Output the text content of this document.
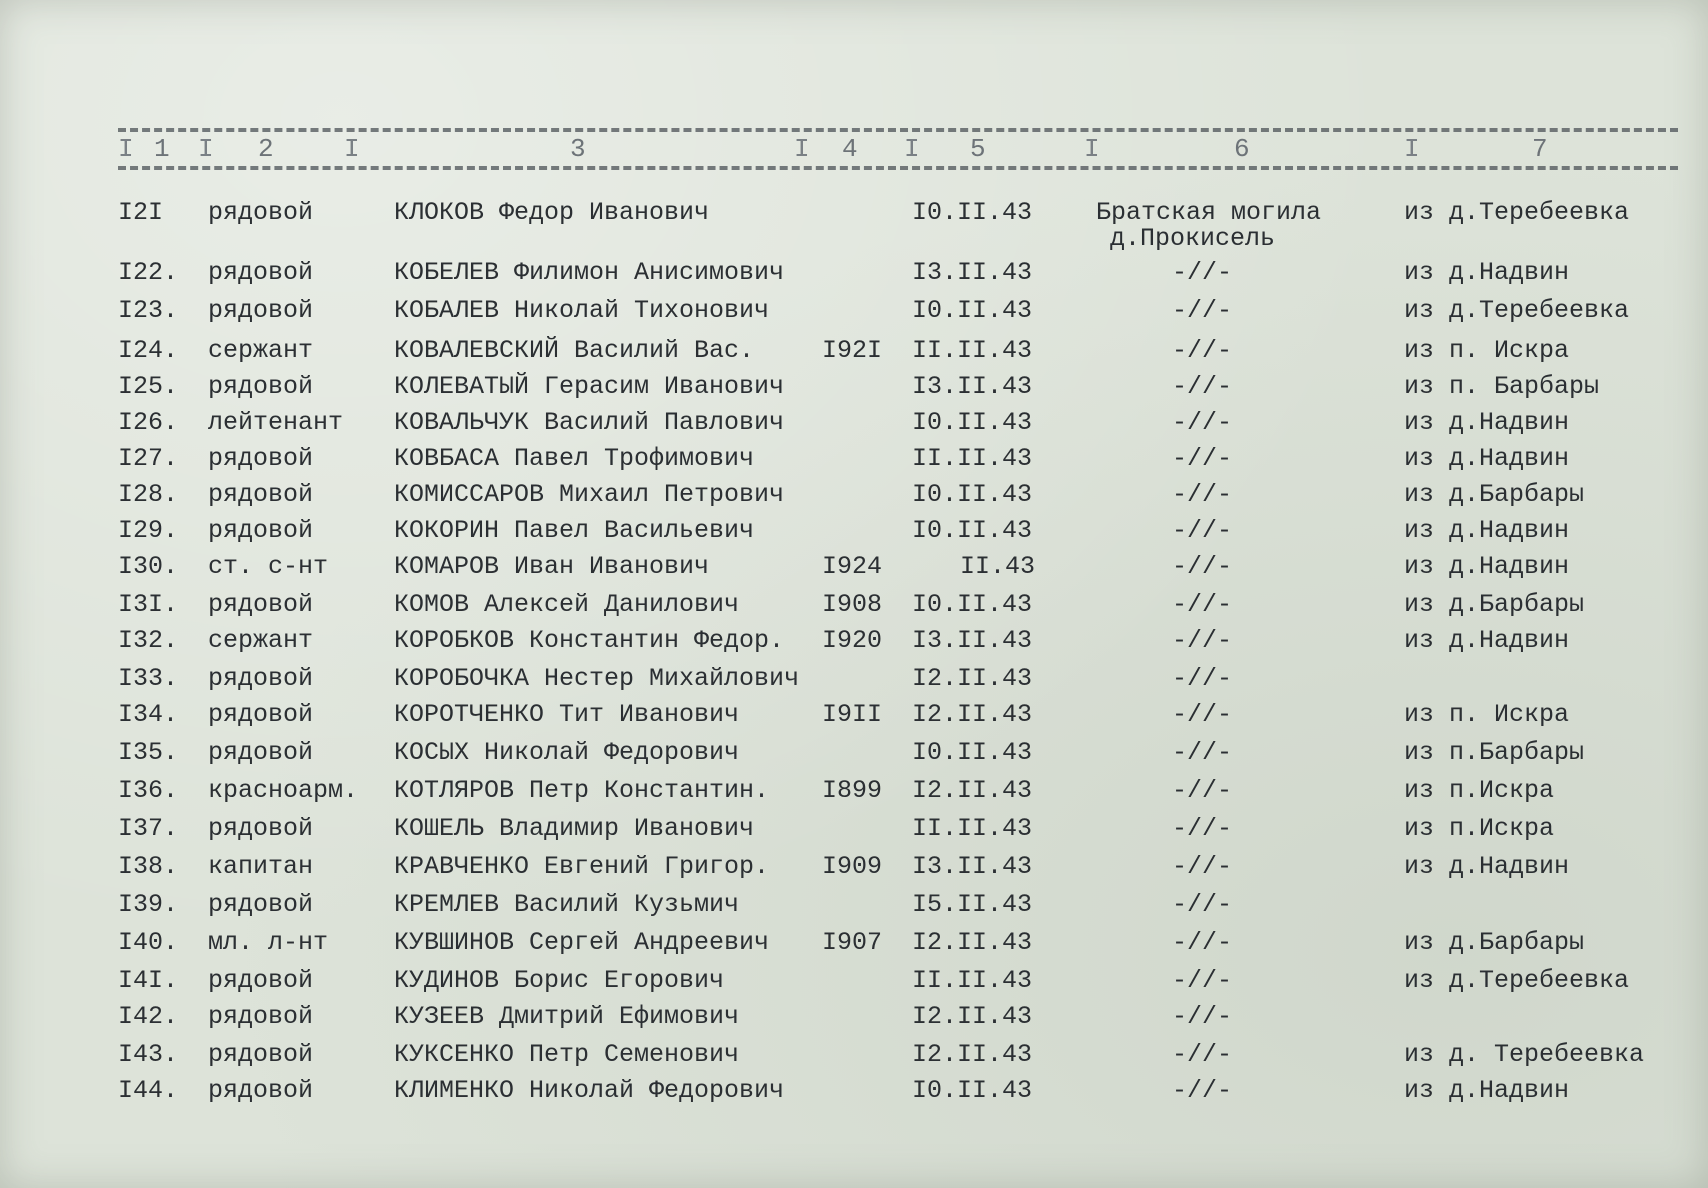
I 1 I 2	I	3	I 4 I 5	I	6	I	7
I2I рядовой	КЛОКОВ Федор Иванович	I0.II.43	Братская могила	из д.Теребеевка
д.Прокисель
I22. рядовой	КОБЕЛЕВ Филимон Анисимович	I3.II.43	-//-	из д.Надвин
I23. рядовой	КОБАЛЕВ Николай Тихонович	I0.II.43	-//-	из д.Теребеевка
I24. сержант	КОВАЛЕВСКИЙ Василий Вас.	I92I II.II.43	-//-	из п. Искра
I25. рядовой	КОЛЕВАТЫЙ Герасим Иванович	I3.II.43	-//-	из п. Барбары
I26. лейтенант КОВАЛЬЧУК Василий Павлович	I0.II.43	-//-	из д.Надвин
I27. рядовой	КОВБАСА Павел Трофимович	II.II.43	-//-	из д.Надвин
I28. рядовой	КОМИССАРОВ Михаил Петрович	I0.II.43	-//-	из д.Барбары
I29. рядовой	КОКОРИН Павел Васильевич	I0.II.43	-//-	из д.Надвин
I30. ст. с-нт	КОМАРОВ Иван Иванович	I924	II.43	-//-	из д.Надвин
I3I. рядовой	КОМОВ Алексей Данилович	I908 I0.II.43	-//-	из д.Барбары
I32. сержант	КОРОБКОВ Константин Федор. I920 I3.II.43	-//-	из д.Надвин
I33. рядовой	КОРОБОЧКА Нестер Михайлович	I2.II.43	-//-
I34. рядовой	КОРОТЧЕНКО Тит Иванович	I9II I2.II.43	-//-	из п. Искра
I35. рядовой	КОСЫХ Николай Федорович	I0.II.43	-//-	из п.Барбары
I36. красноарм. КОТЛЯРОВ Петр Константин. I899 I2.II.43	-//-	из п.Искра
I37. рядовой	КОШЕЛЬ Владимир Иванович	II.II.43	-//-	из п.Искра
I38. капитан	КРАВЧЕНКО Евгений Григор. I909 I3.II.43	-//-	из д.Надвин
I39. рядовой	КРЕМЛЕВ Василий Кузьмич	I5.II.43	-//-
I40. мл. л-нт	КУВШИНОВ Сергей Андреевич I907 I2.II.43	-//-	из д.Барбары
I4I. рядовой	КУДИНОВ Борис Егорович	II.II.43	-//-	из д.Теребеевка
I42. рядовой	КУЗЕЕВ Дмитрий Ефимович	I2.II.43	-//-
I43. рядовой	КУКСЕНКО Петр Семенович	I2.II.43	-//-	из д. Теребеевка
I44. рядовой	КЛИМЕНКО Николай Федорович	I0.II.43	-//-	из д.Надвин
